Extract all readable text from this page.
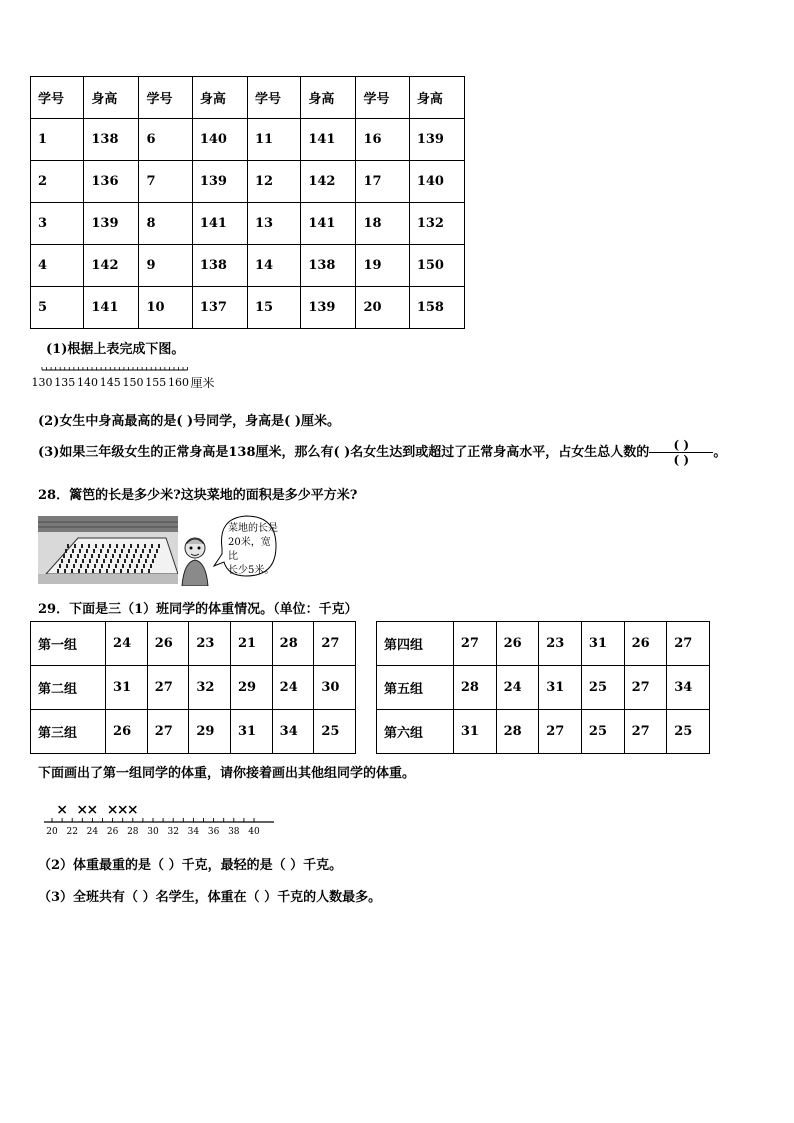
学号	身高	学号	身高	学号	身高	学号	身高
1	138	6	140	11	141	16	139
2	136	7	139	12	142	17	140
3	139	8	141	13	141	18	132
4	142	9	138	14	138	19	150
5	141	10	137	15	139	20	158
(1)根据上表完成下图。
130 135 140 145 150 155 160 厘米
(2)女生中身高最高的是( )号同学，身高是( )厘米。
(3)如果三年级女生的正常身高是138厘米，那么有( )名女生达到或超过了正常身高水平，占女生总人数的 $\frac{( )}{( )}$ 。
28．篱笆的长是多少米?这块菜地的面积是多少平方米?
菜地的长是
20米，宽比
长少5米。
29．下面是三（1）班同学的体重情况。（单位：千克）
第一组	24	26	23	21	28	27
第二组	31	27	32	29	24	30
第三组	26	27	29	31	34	25
第四组	27	26	23	31	26	27
第五组	28	24	31	25	27	34
第六组	31	28	27	25	27	25
下面画出了第一组同学的体重，请你接着画出其他组同学的体重。
20 22 24 26 28 30 32 34 36 38 40
× ×
× ×
×
×
（2）体重最重的是（ ）千克，最轻的是（ ）千克。
（3）全班共有（ ）名学生，体重在（ ）千克的人数最多。
